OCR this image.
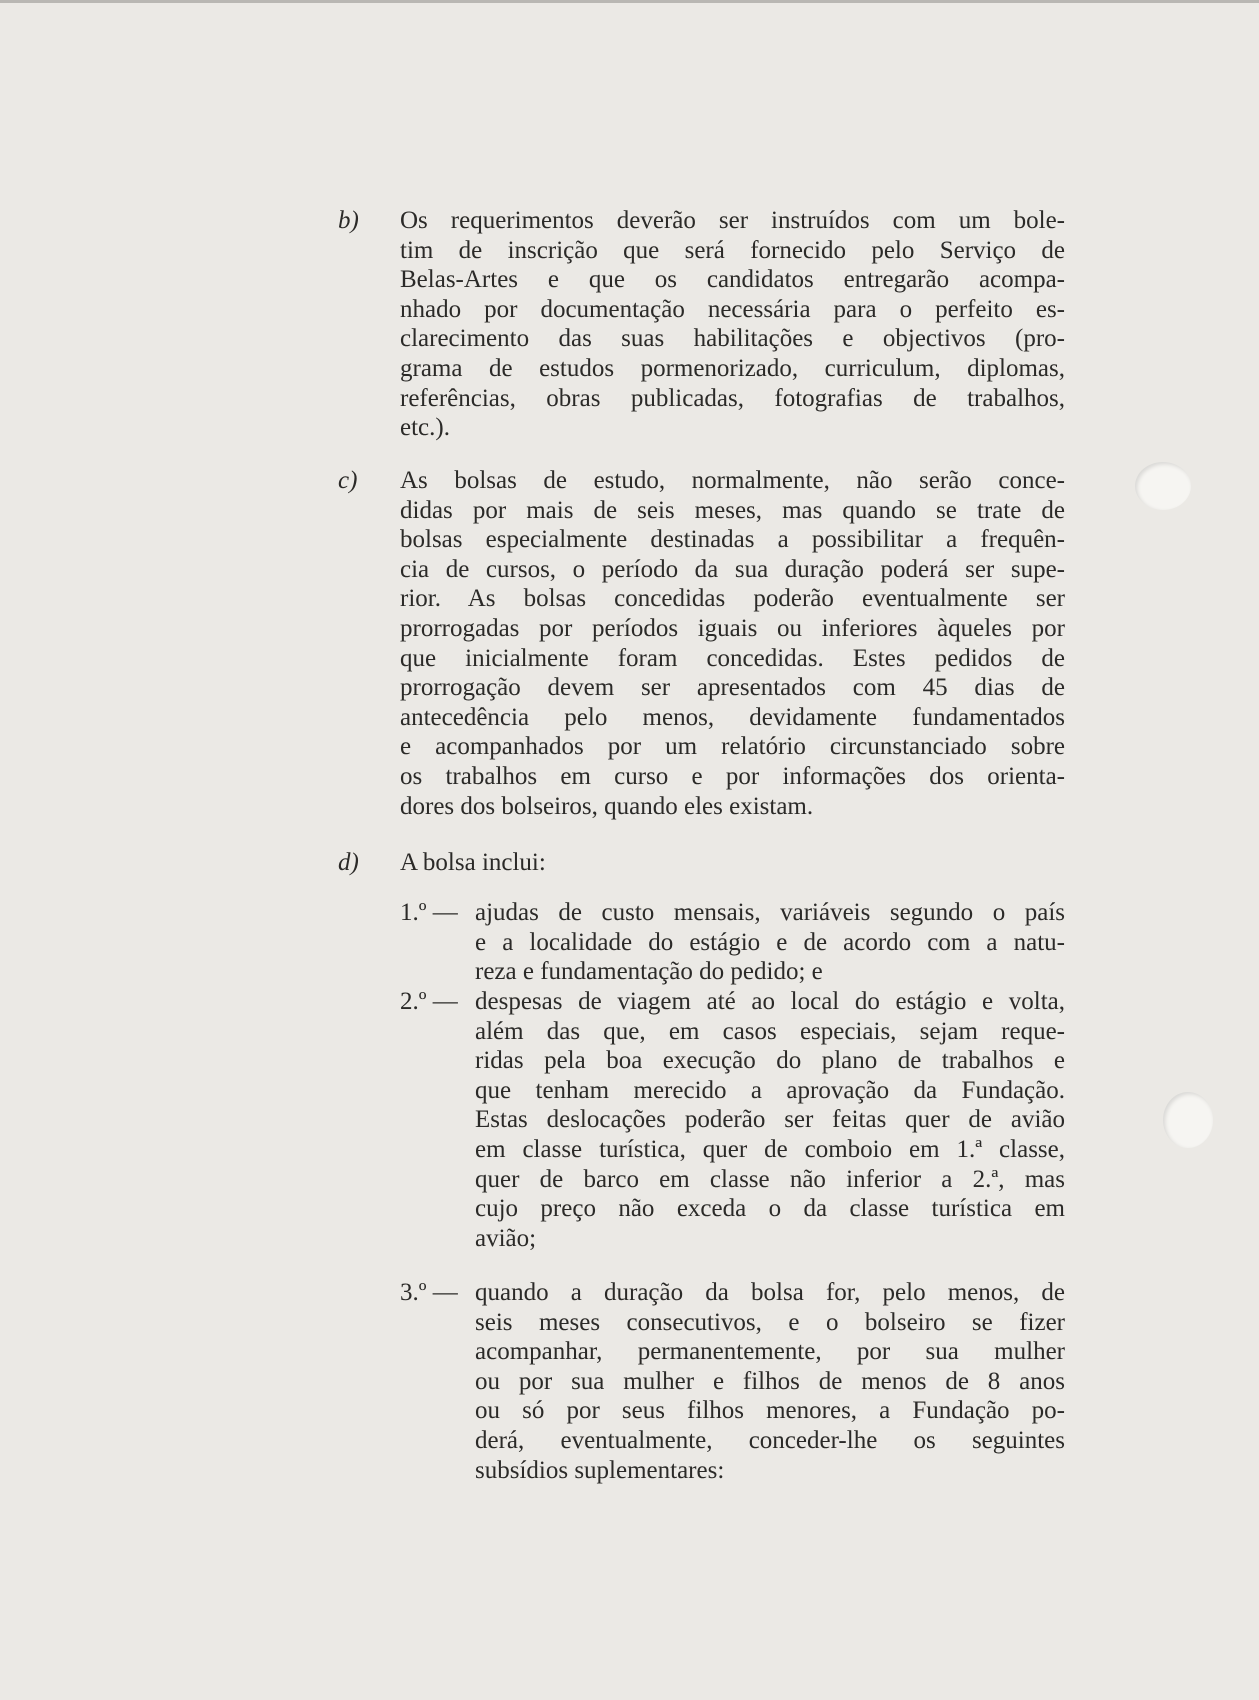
b)	Os requerimentos deverão ser instruídos com um bole-
tim de inscrição que será fornecido pelo Serviço de
Belas-Artes e que os candidatos entregarão acompa-
nhado por documentação necessária para o perfeito es-
clarecimento das suas habilitações e objectivos (pro-
grama de estudos pormenorizado, curriculum, diplomas,
referências, obras publicadas, fotografias de trabalhos,
etc.).
c)	As bolsas de estudo, normalmente, não serão conce-
didas por mais de seis meses, mas quando se trate de
bolsas especialmente destinadas a possibilitar a frequên-
cia de cursos, o período da sua duração poderá ser supe-
rior. As bolsas concedidas poderão eventualmente ser
prorrogadas por períodos iguais ou inferiores àqueles por
que inicialmente foram concedidas. Estes pedidos de
prorrogação devem ser apresentados com 45 dias de
antecedência pelo menos, devidamente fundamentados
e acompanhados por um relatório circunstanciado sobre
os trabalhos em curso e por informações dos orienta-
dores dos bolseiros, quando eles existam.
d)	A bolsa inclui:
1.º — ajudas de custo mensais, variáveis segundo o país
e a localidade do estágio e de acordo com a natu-
reza e fundamentação do pedido; e
2.º — despesas de viagem até ao local do estágio e volta,
além das que, em casos especiais, sejam reque-
ridas pela boa execução do plano de trabalhos e
que tenham merecido a aprovação da Fundação.
Estas deslocações poderão ser feitas quer de avião
em classe turística, quer de comboio em 1.ª classe,
quer de barco em classe não inferior a 2.ª, mas
cujo preço não exceda o da classe turística em
avião;
3.º — quando a duração da bolsa for, pelo menos, de
seis meses consecutivos, e o bolseiro se fizer
acompanhar, permanentemente, por sua mulher
ou por sua mulher e filhos de menos de 8 anos
ou só por seus filhos menores, a Fundação po-
derá, eventualmente, conceder-lhe os seguintes
subsídios suplementares:
